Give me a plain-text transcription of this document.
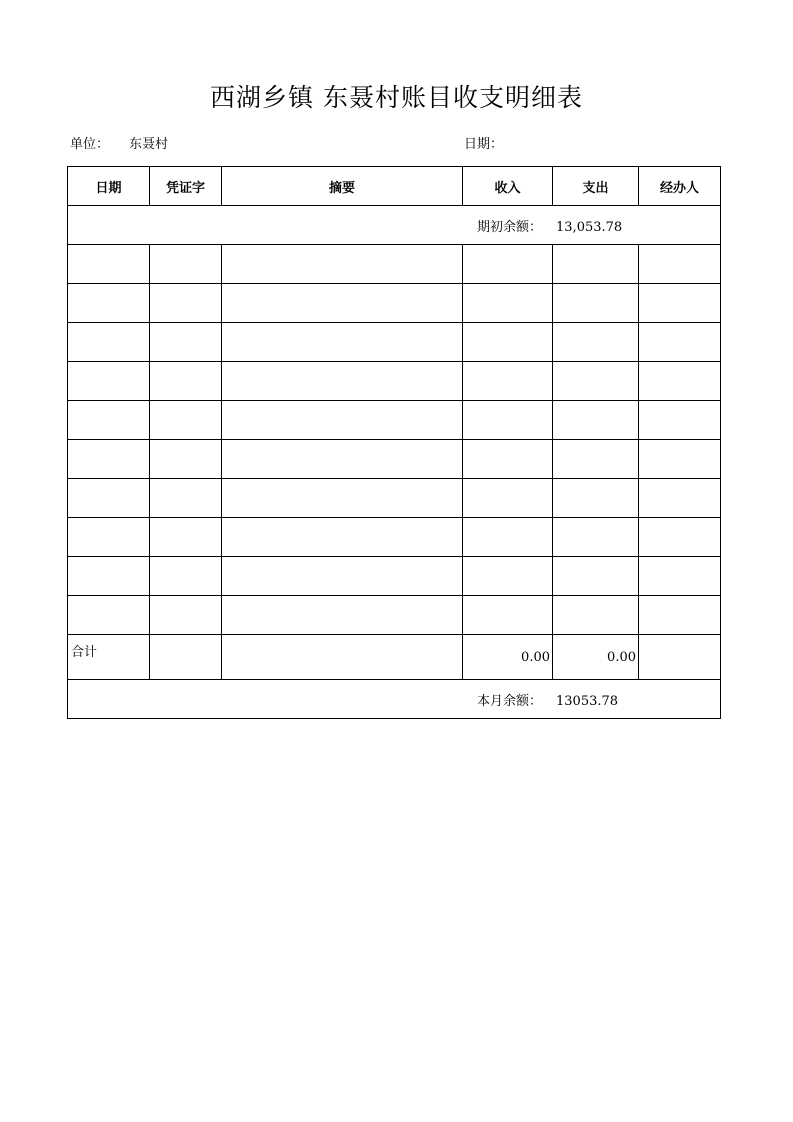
西湖乡镇 东聂村账目收支明细表
单位： 东聂村	日期：
日期	凭证字	摘要	收入	支出	经办人

期初余额： 13,053.78					

合计			0.00	0.00	

本月余额： 13053.78					
